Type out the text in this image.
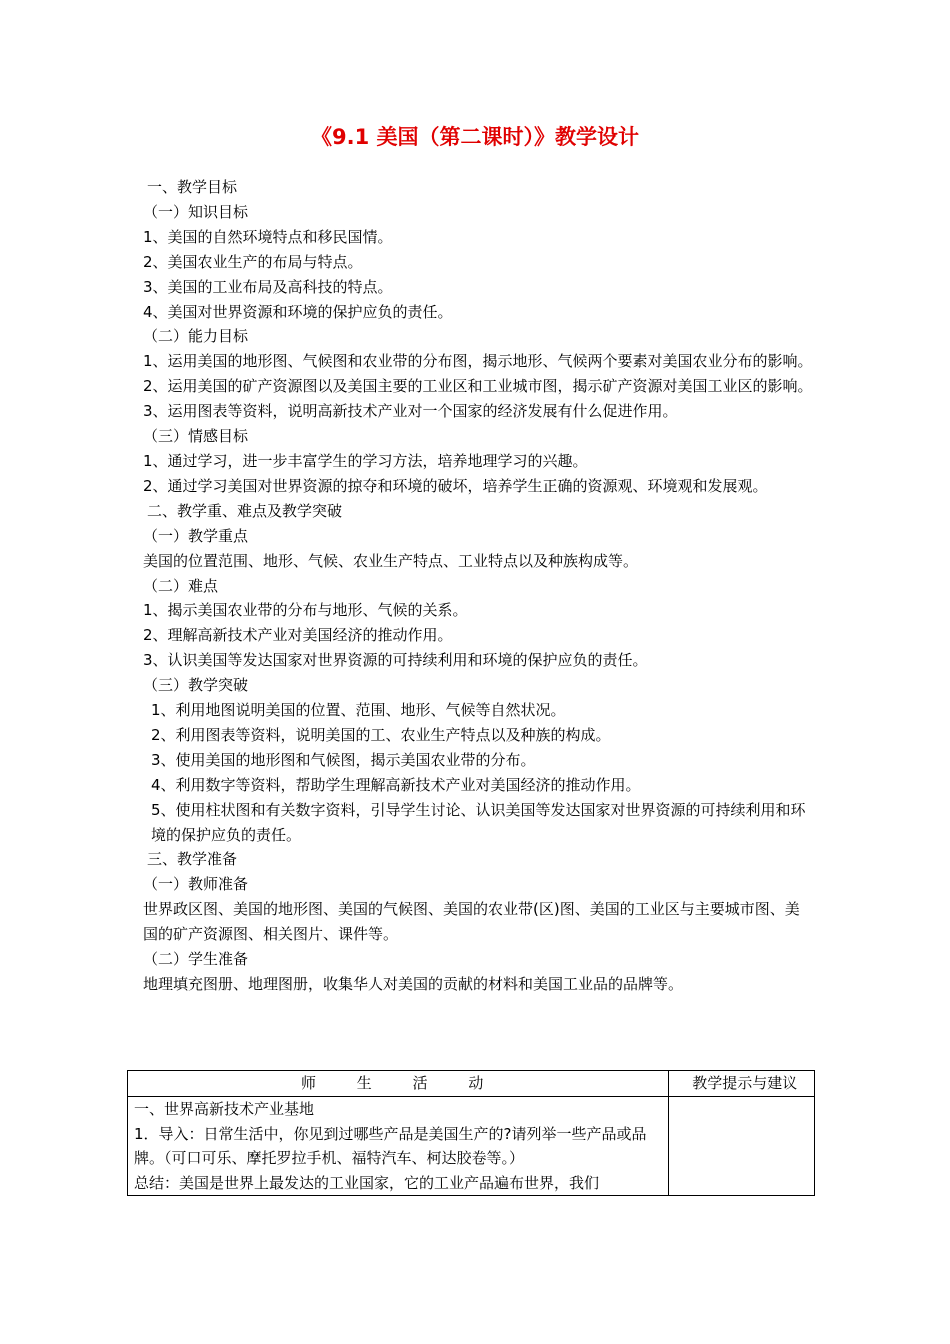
《9.1 美国（第二课时）》教学设计

一、教学目标

（一）知识目标

1、美国的自然环境特点和移民国情。

2、美国农业生产的布局与特点。

3、美国的工业布局及高科技的特点。

4、美国对世界资源和环境的保护应负的责任。

（二）能力目标

1、运用美国的地形图、气候图和农业带的分布图，揭示地形、气候两个要素对美国农业分布的影响。

2、运用美国的矿产资源图以及美国主要的工业区和工业城市图，揭示矿产资源对美国工业区的影响。

3、运用图表等资料，说明高新技术产业对一个国家的经济发展有什么促进作用。

（三）情感目标

1、通过学习，进一步丰富学生的学习方法，培养地理学习的兴趣。

2、通过学习美国对世界资源的掠夺和环境的破坏，培养学生正确的资源观、环境观和发展观。

二、教学重、难点及教学突破

（一）教学重点

美国的位置范围、地形、气候、农业生产特点、工业特点以及种族构成等。

（二）难点

1、揭示美国农业带的分布与地形、气候的关系。

2、理解高新技术产业对美国经济的推动作用。

3、认识美国等发达国家对世界资源的可持续利用和环境的保护应负的责任。

（三）教学突破

1、利用地图说明美国的位置、范围、地形、气候等自然状况。

2、利用图表等资料，说明美国的工、农业生产特点以及种族的构成。

3、使用美国的地形图和气候图，揭示美国农业带的分布。

4、利用数字等资料，帮助学生理解高新技术产业对美国经济的推动作用。

5、使用柱状图和有关数字资料，引导学生讨论、认识美国等发达国家对世界资源的可持续利用和环境的保护应负的责任。

三、教学准备

（一）教师准备

世界政区图、美国的地形图、美国的气候图、美国的农业带(区)图、美国的工业区与主要城市图、美国的矿产资源图、相关图片、课件等。

（二）学生准备

地理填充图册、地理图册，收集华人对美国的贡献的材料和美国工业品的品牌等。

师 生 活 动	教学提示与建议

一、世界高新技术产业基地
1．导入：日常生活中，你见到过哪些产品是美国生产的?请列举一些产品或品牌。（可口可乐、摩托罗拉手机、福特汽车、柯达胶卷等。）
总结：美国是世界上最发达的工业国家，它的工业产品遍布世界，我们	
